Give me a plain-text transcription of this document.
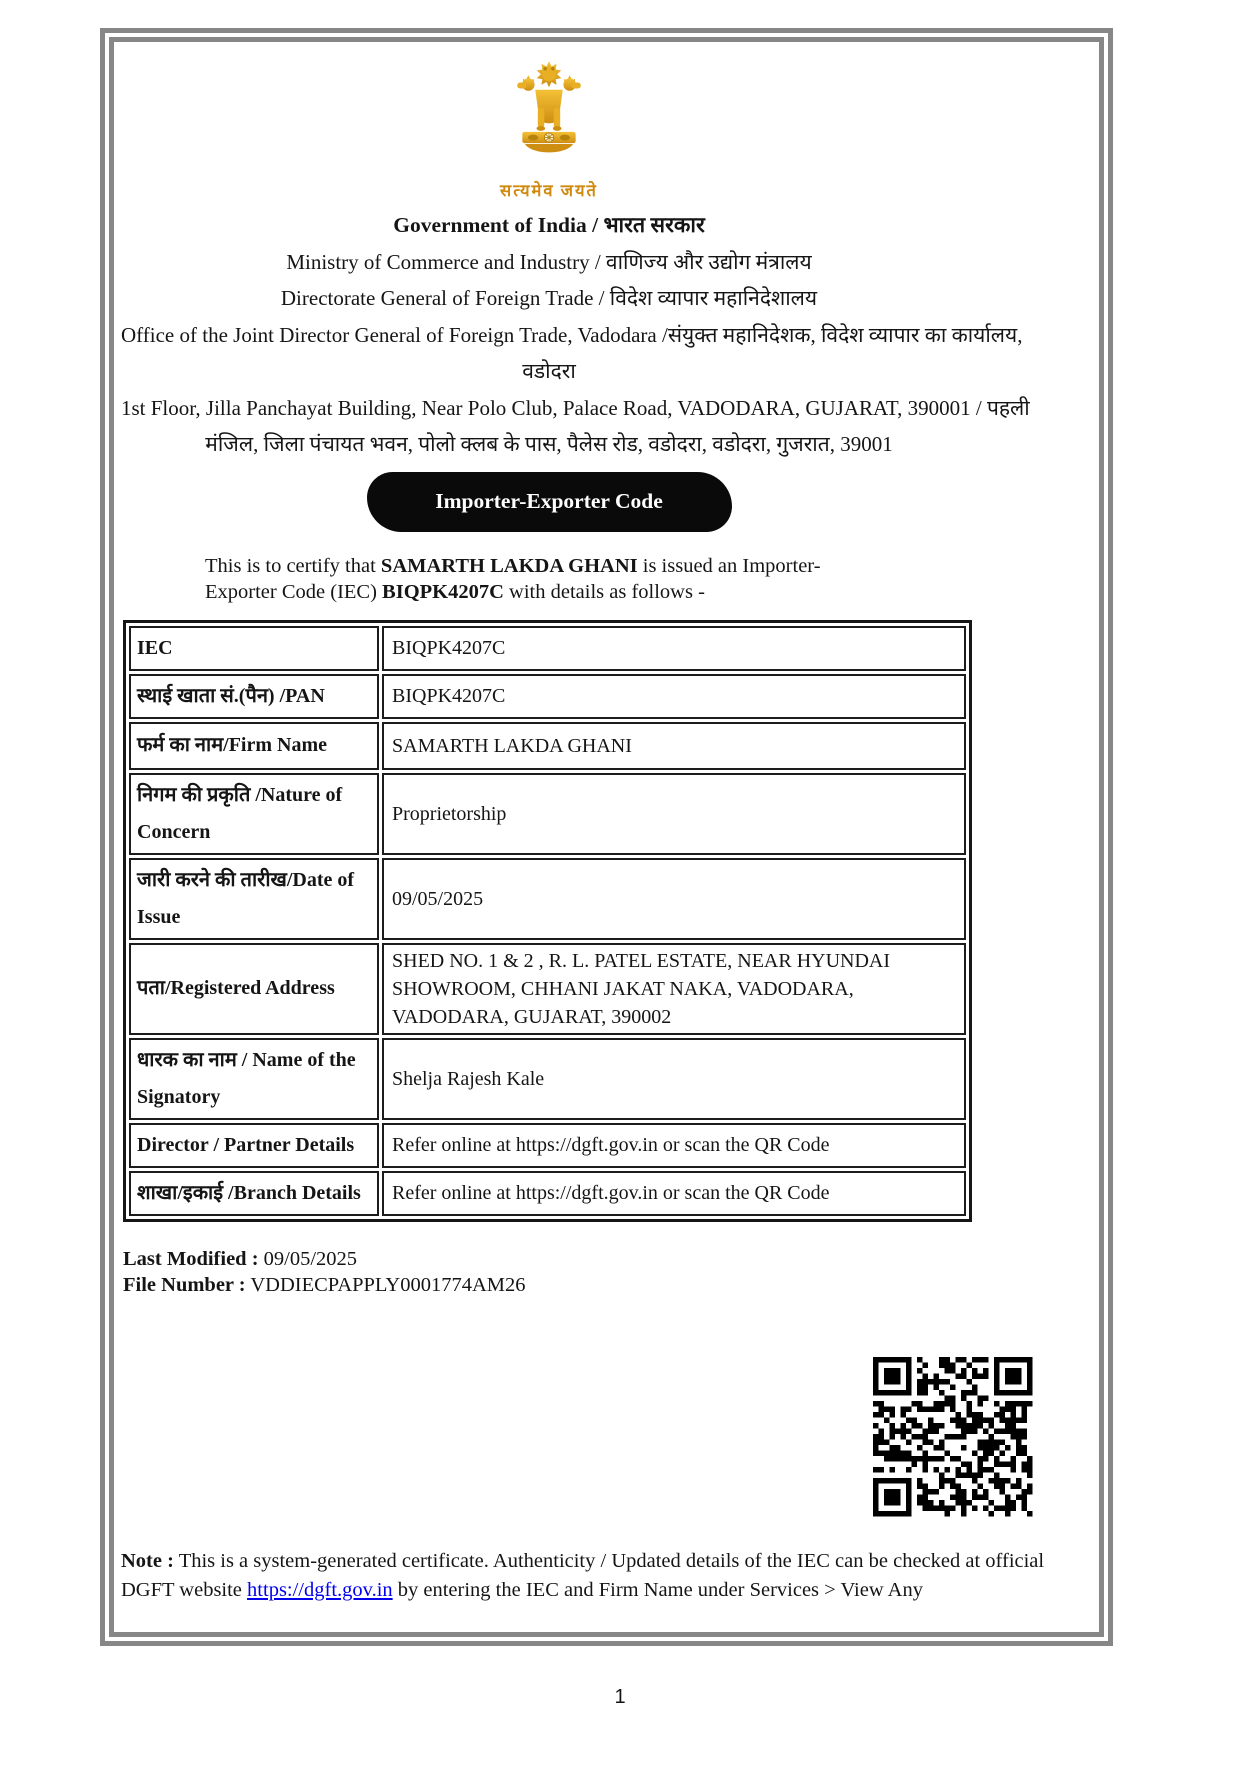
सत्यमेव जयते
Government of India / भारत सरकार
Ministry of Commerce and Industry / वाणिज्य और उद्योग मंत्रालय
Directorate General of Foreign Trade / विदेश व्यापार महानिदेशालय
Office of the Joint Director General of Foreign Trade, Vadodara /संयुक्त महानिदेशक, विदेश व्यापार का कार्यालय,
वडोदरा
1st Floor, Jilla Panchayat Building, Near Polo Club, Palace Road, VADODARA, GUJARAT, 390001 / पहली
मंजिल, जिला पंचायत भवन, पोलो क्लब के पास, पैलेस रोड, वडोदरा, वडोदरा, गुजरात, 39001
Importer-Exporter Code
This is to certify that SAMARTH LAKDA GHANI is issued an Importer-Exporter Code (IEC) BIQPK4207C with details as follows -
IEC	BIQPK4207C
स्थाई खाता सं.(पैन) /PAN	BIQPK4207C
फर्म का नाम/Firm Name	SAMARTH LAKDA GHANI
निगम की प्रकृति /Nature of Concern	Proprietorship
जारी करने की तारीख/Date of Issue	09/05/2025
पता/Registered Address	SHED NO. 1 & 2 , R. L. PATEL ESTATE, NEAR HYUNDAI SHOWROOM, CHHANI JAKAT NAKA, VADODARA, VADODARA, GUJARAT, 390002
धारक का नाम / Name of the Signatory	Shelja Rajesh Kale
Director / Partner Details	Refer online at https://dgft.gov.in or scan the QR Code
शाखा/इकाई /Branch Details	Refer online at https://dgft.gov.in or scan the QR Code
Last Modified : 09/05/2025
File Number : VDDIECPAPPLY0001774AM26
Note : This is a system-generated certificate. Authenticity / Updated details of the IEC can be checked at official DGFT website https://dgft.gov.in by entering the IEC and Firm Name under Services > View Any
1
